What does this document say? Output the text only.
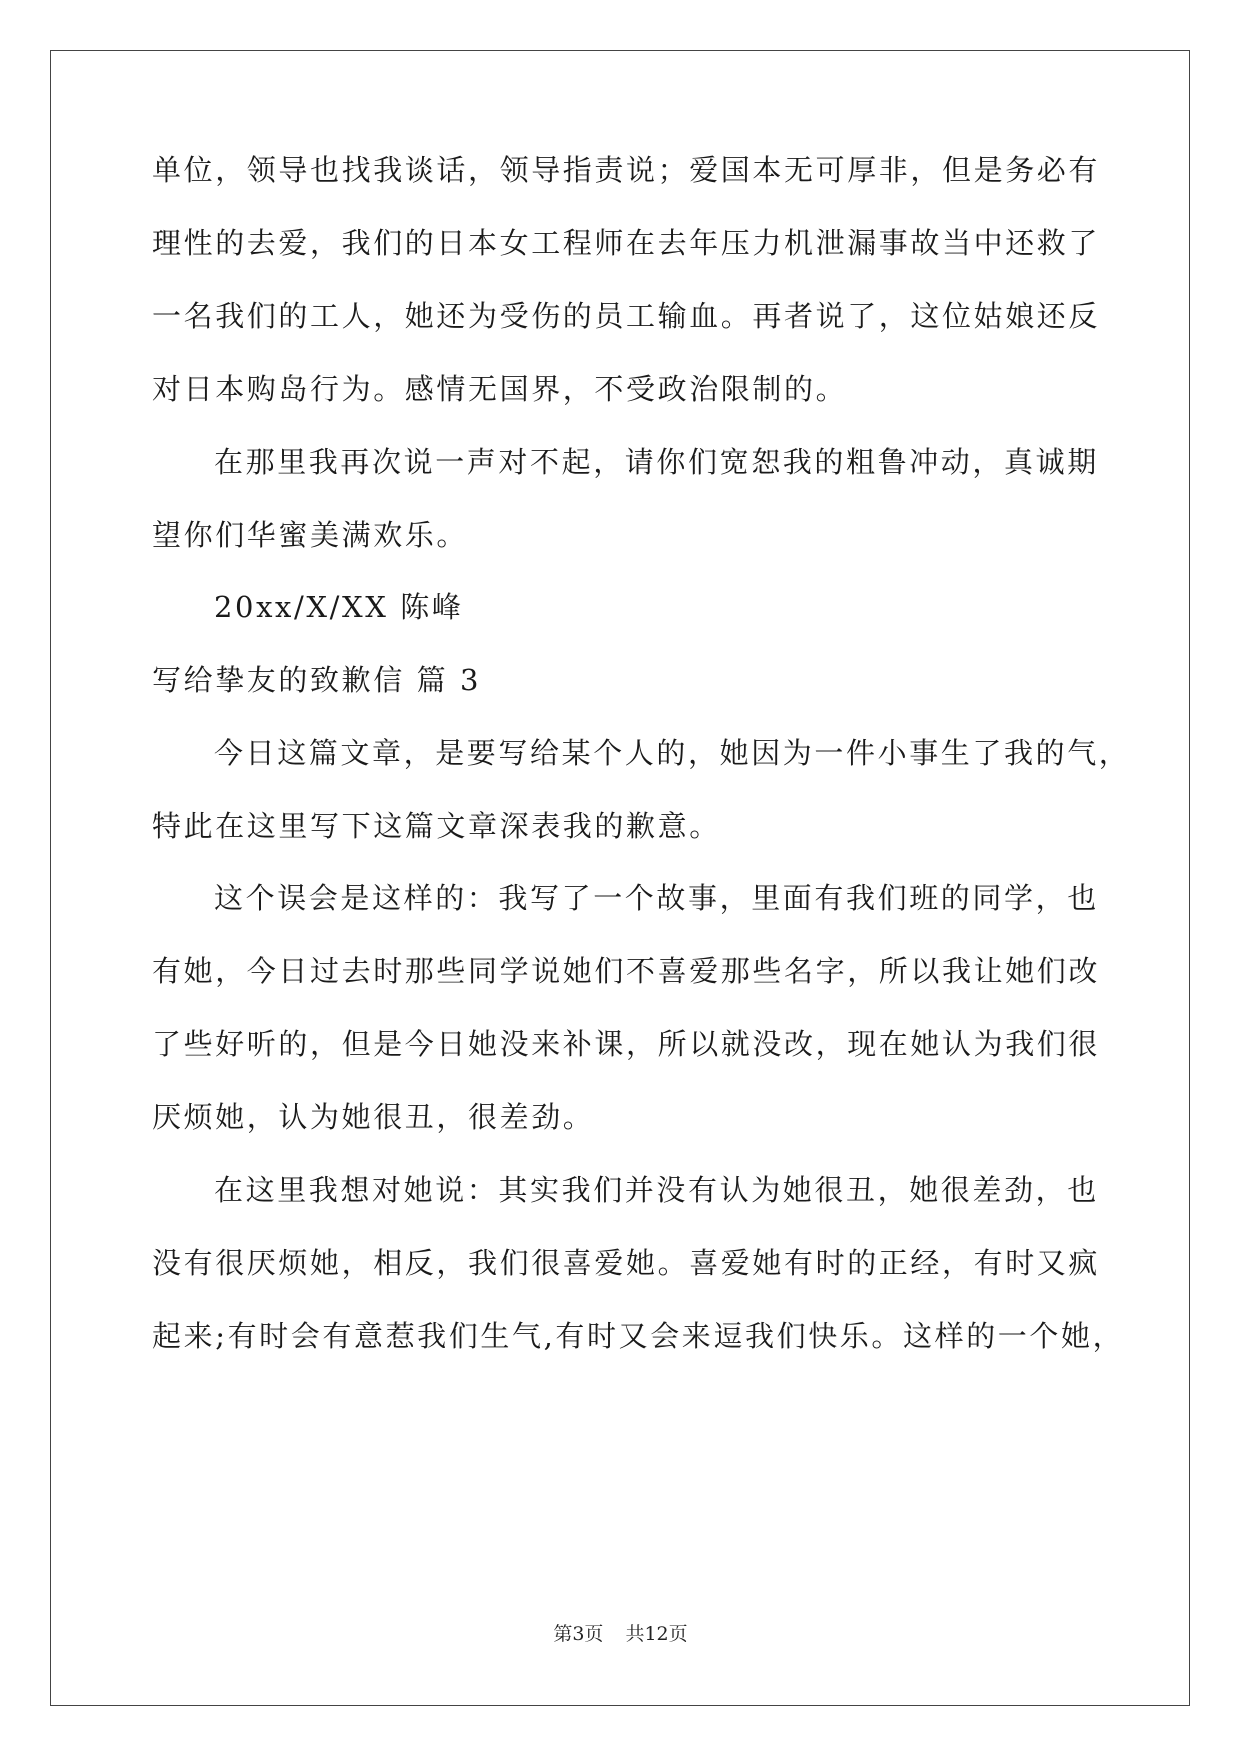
单位，领导也找我谈话，领导指责说；爱国本无可厚非，但是务必有
理性的去爱，我们的日本女工程师在去年压力机泄漏事故当中还救了
一名我们的工人，她还为受伤的员工输血。再者说了，这位姑娘还反
对日本购岛行为。感情无国界，不受政治限制的。
在那里我再次说一声对不起，请你们宽恕我的粗鲁冲动，真诚期
望你们华蜜美满欢乐。
20xx/X/XX 陈峰
写给挚友的致歉信 篇 3
今日这篇文章，是要写给某个人的，她因为一件小事生了我的气，
特此在这里写下这篇文章深表我的歉意。
这个误会是这样的：我写了一个故事，里面有我们班的同学，也
有她，今日过去时那些同学说她们不喜爱那些名字，所以我让她们改
了些好听的，但是今日她没来补课，所以就没改，现在她认为我们很
厌烦她，认为她很丑，很差劲。
在这里我想对她说：其实我们并没有认为她很丑，她很差劲，也
没有很厌烦她，相反，我们很喜爱她。喜爱她有时的正经，有时又疯
起来;有时会有意惹我们生气,有时又会来逗我们快乐。这样的一个她，
第3页 共12页
